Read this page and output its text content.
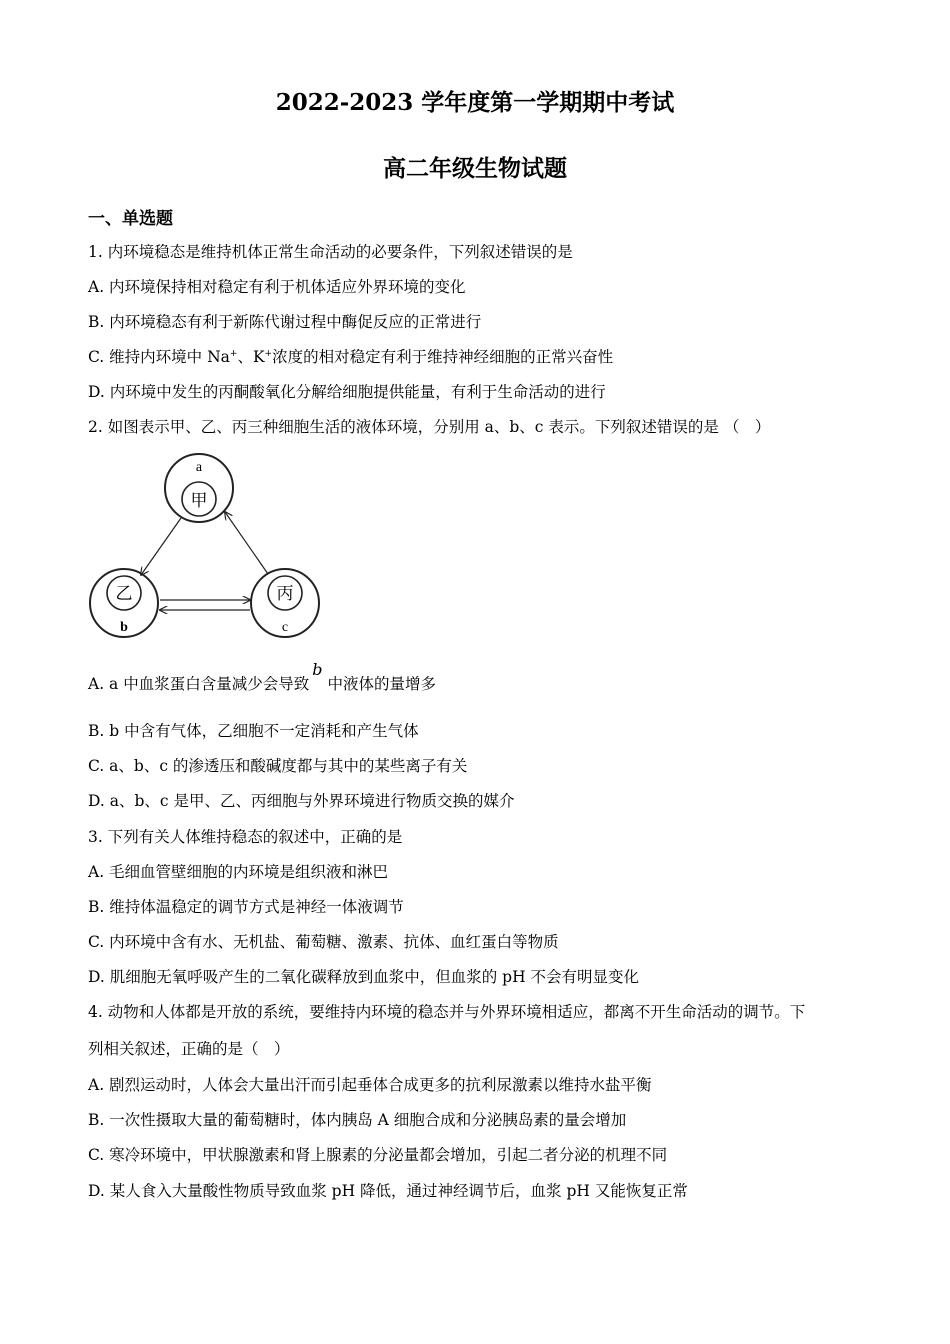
2022-2023 学年度第一学期期中考试
高二年级生物试题
一、单选题
1. 内环境稳态是维持机体正常生命活动的必要条件，下列叙述错误的是
A. 内环境保持相对稳定有利于机体适应外界环境的变化
B. 内环境稳态有利于新陈代谢过程中酶促反应的正常进行
C. 维持内环境中 Na+、K+浓度的相对稳定有利于维持神经细胞的正常兴奋性
D. 内环境中发生的丙酮酸氧化分解给细胞提供能量，有利于生命活动的进行
2. 如图表示甲、乙、丙三种细胞生活的液体环境，分别用 a、b、c 表示。下列叙述错误的是 （　）
a
甲
乙
b
丙
c
A. a 中血浆蛋白含量减少会导致b中液体的量增多
B. b 中含有气体，乙细胞不一定消耗和产生气体
C. a、b、c 的渗透压和酸碱度都与其中的某些离子有关
D. a、b、c 是甲、乙、丙细胞与外界环境进行物质交换的媒介
3. 下列有关人体维持稳态的叙述中，正确的是
A. 毛细血管壁细胞的内环境是组织液和淋巴
B. 维持体温稳定的调节方式是神经一体液调节
C. 内环境中含有水、无机盐、葡萄糖、激素、抗体、血红蛋白等物质
D. 肌细胞无氧呼吸产生的二氧化碳释放到血浆中，但血浆的 pH 不会有明显变化
4. 动物和人体都是开放的系统，要维持内环境的稳态并与外界环境相适应，都离不开生命活动的调节。下
列相关叙述，正确的是（　）
A. 剧烈运动时，人体会大量出汗而引起垂体合成更多的抗利尿激素以维持水盐平衡
B. 一次性摄取大量的葡萄糖时，体内胰岛 A 细胞合成和分泌胰岛素的量会增加
C. 寒冷环境中，甲状腺激素和肾上腺素的分泌量都会增加，引起二者分泌的机理不同
D. 某人食入大量酸性物质导致血浆 pH 降低，通过神经调节后，血浆 pH 又能恢复正常
